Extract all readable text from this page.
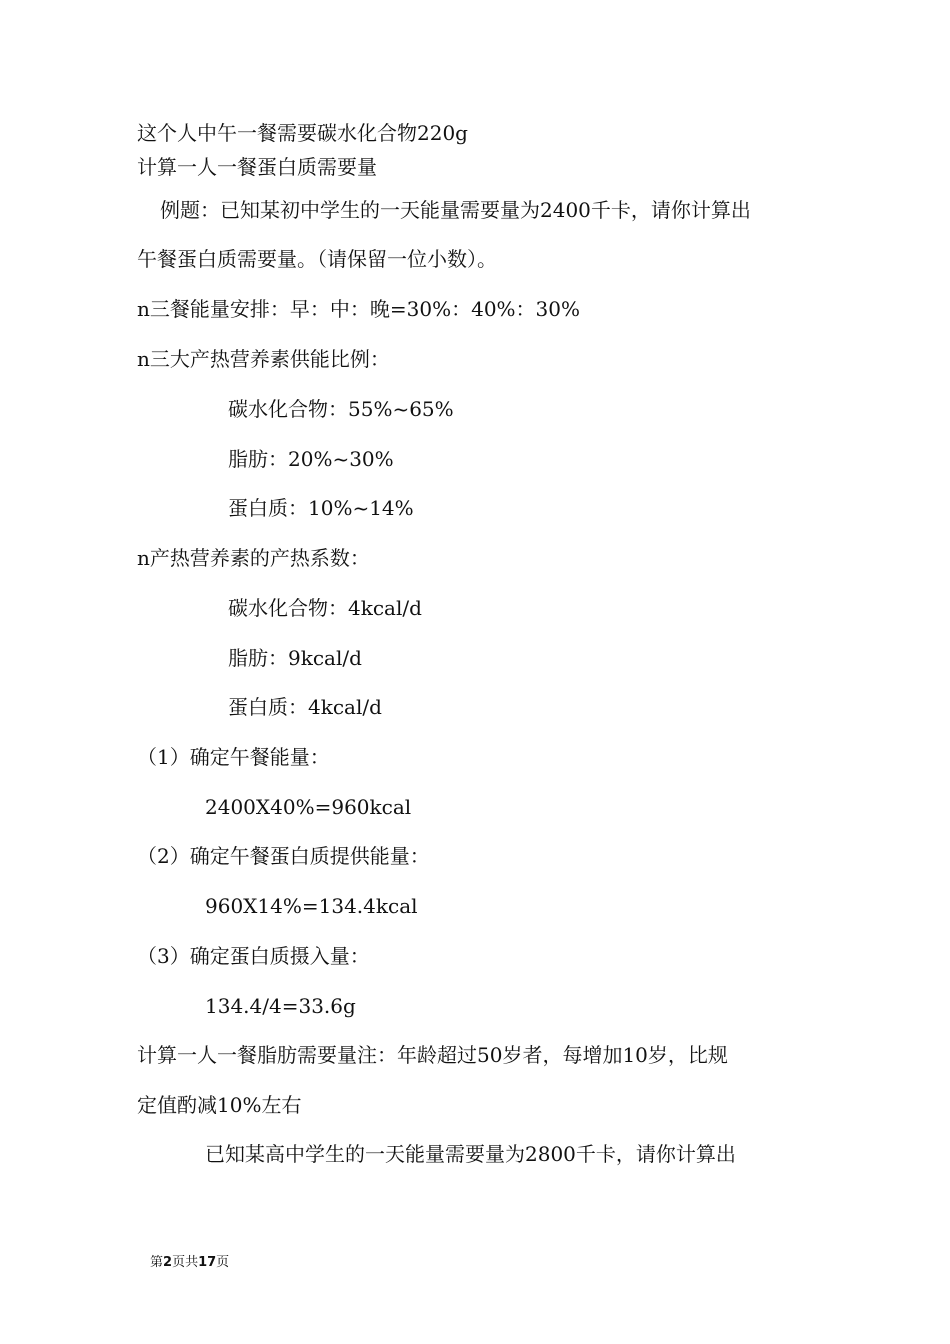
这个人中午一餐需要碳水化合物220g
计算一人一餐蛋白质需要量
例题：已知某初中学生的一天能量需要量为2400千卡，请你计算出
午餐蛋白质需要量。（请保留一位小数）。
n三餐能量安排：早：中：晚=30%：40%：30%
n三大产热营养素供能比例：
碳水化合物：55%~65%
脂肪：20%~30%
蛋白质：10%~14%
n产热营养素的产热系数：
碳水化合物：4kcal/d
脂肪：9kcal/d
蛋白质：4kcal/d
（1）确定午餐能量：
2400X40%=960kcal
（2）确定午餐蛋白质提供能量：
960X14%=134.4kcal
（3）确定蛋白质摄入量：
134.4/4=33.6g
计算一人一餐脂肪需要量注：年龄超过50岁者，每增加10岁，比规
定值酌减10%左右
已知某高中学生的一天能量需要量为2800千卡，请你计算出
第2页共17页
